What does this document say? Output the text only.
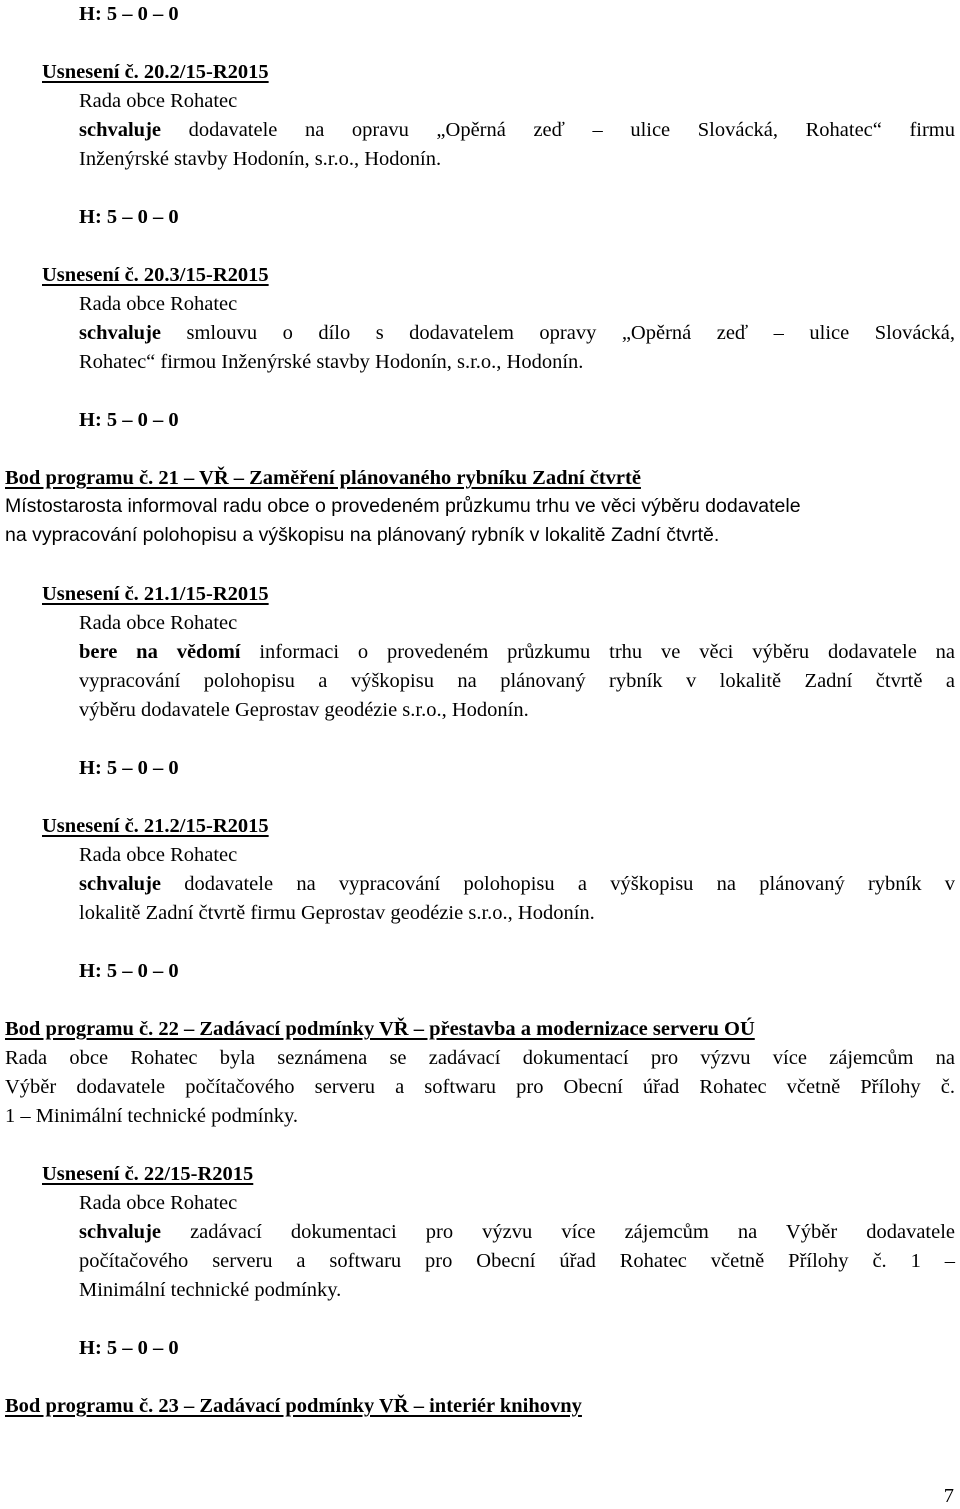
H: 5 – 0 – 0
Usnesení č. 20.2/15-R2015
Rada obce Rohatec
schvaluje dodavatele na opravu „Opěrná zeď – ulice Slovácká, Rohatec“ firmu
Inženýrské stavby Hodonín, s.r.o., Hodonín.
H: 5 – 0 – 0
Usnesení č. 20.3/15-R2015
Rada obce Rohatec
schvaluje smlouvu o dílo s dodavatelem opravy „Opěrná zeď – ulice Slovácká,
Rohatec“ firmou Inženýrské stavby Hodonín, s.r.o., Hodonín.
H: 5 – 0 – 0
Bod programu č. 21 – VŘ – Zaměření plánovaného rybníku Zadní čtvrtě
Místostarosta informoval radu obce o provedeném průzkumu trhu ve věci výběru dodavatele
na vypracování polohopisu a výškopisu na plánovaný rybník v lokalitě Zadní čtvrtě.
Usnesení č. 21.1/15-R2015
Rada obce Rohatec
bere na vědomí informaci o provedeném průzkumu trhu ve věci výběru dodavatele na
vypracování polohopisu a výškopisu na plánovaný rybník v lokalitě Zadní čtvrtě a
výběru dodavatele Geprostav geodézie s.r.o., Hodonín.
H: 5 – 0 – 0
Usnesení č. 21.2/15-R2015
Rada obce Rohatec
schvaluje dodavatele na vypracování polohopisu a výškopisu na plánovaný rybník v
lokalitě Zadní čtvrtě firmu Geprostav geodézie s.r.o., Hodonín.
H: 5 – 0 – 0
Bod programu č. 22 – Zadávací podmínky VŘ – přestavba a modernizace serveru OÚ
Rada obce Rohatec byla seznámena se zadávací dokumentací pro výzvu více zájemcům na
Výběr dodavatele počítačového serveru a softwaru pro Obecní úřad Rohatec včetně Přílohy č.
1 – Minimální technické podmínky.
Usnesení č. 22/15-R2015
Rada obce Rohatec
schvaluje zadávací dokumentaci pro výzvu více zájemcům na Výběr dodavatele
počítačového serveru a softwaru pro Obecní úřad Rohatec včetně Přílohy č. 1 –
Minimální technické podmínky.
H: 5 – 0 – 0
Bod programu č. 23 – Zadávací podmínky VŘ – interiér knihovny
7
